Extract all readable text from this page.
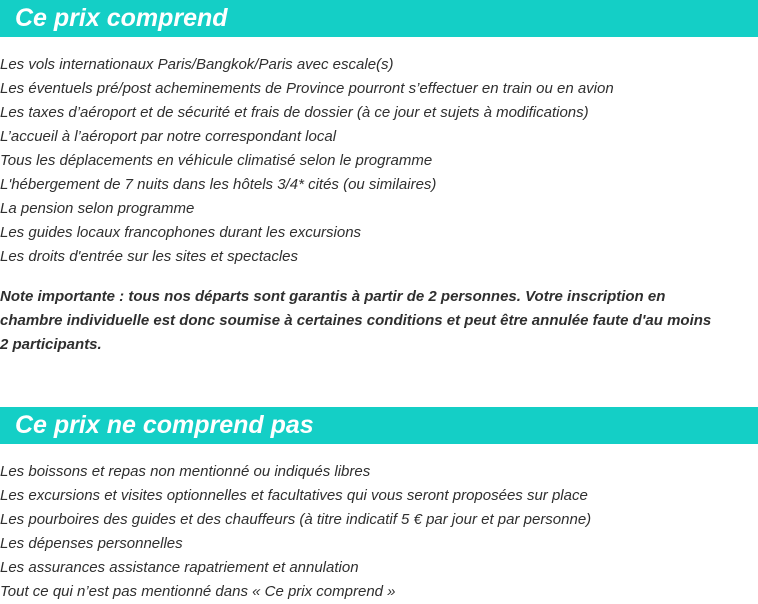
Ce prix comprend
Les vols internationaux Paris/Bangkok/Paris avec escale(s)
Les éventuels pré/post acheminements de Province pourront s’effectuer en train ou en avion
Les taxes d’aéroport et de sécurité et frais de dossier (à ce jour et sujets à modifications)
L’accueil à l’aéroport par notre correspondant local
Tous les déplacements en véhicule climatisé selon le programme
L'hébergement de 7 nuits dans les hôtels 3/4* cités (ou similaires)
La pension selon programme
Les guides locaux francophones durant les excursions
Les droits d'entrée sur les sites et spectacles

Note importante : tous nos départs sont garantis à partir de 2 personnes. Votre inscription en chambre individuelle est donc soumise à certaines conditions et peut être annulée faute d'au moins 2 participants.

Ce prix ne comprend pas
Les boissons et repas non mentionné ou indiqués libres
Les excursions et visites optionnelles et facultatives qui vous seront proposées sur place
Les pourboires des guides et des chauffeurs (à titre indicatif 5 € par jour et par personne)
Les dépenses personnelles
Les assurances assistance rapatriement et annulation
Tout ce qui n’est pas mentionné dans « Ce prix comprend »
